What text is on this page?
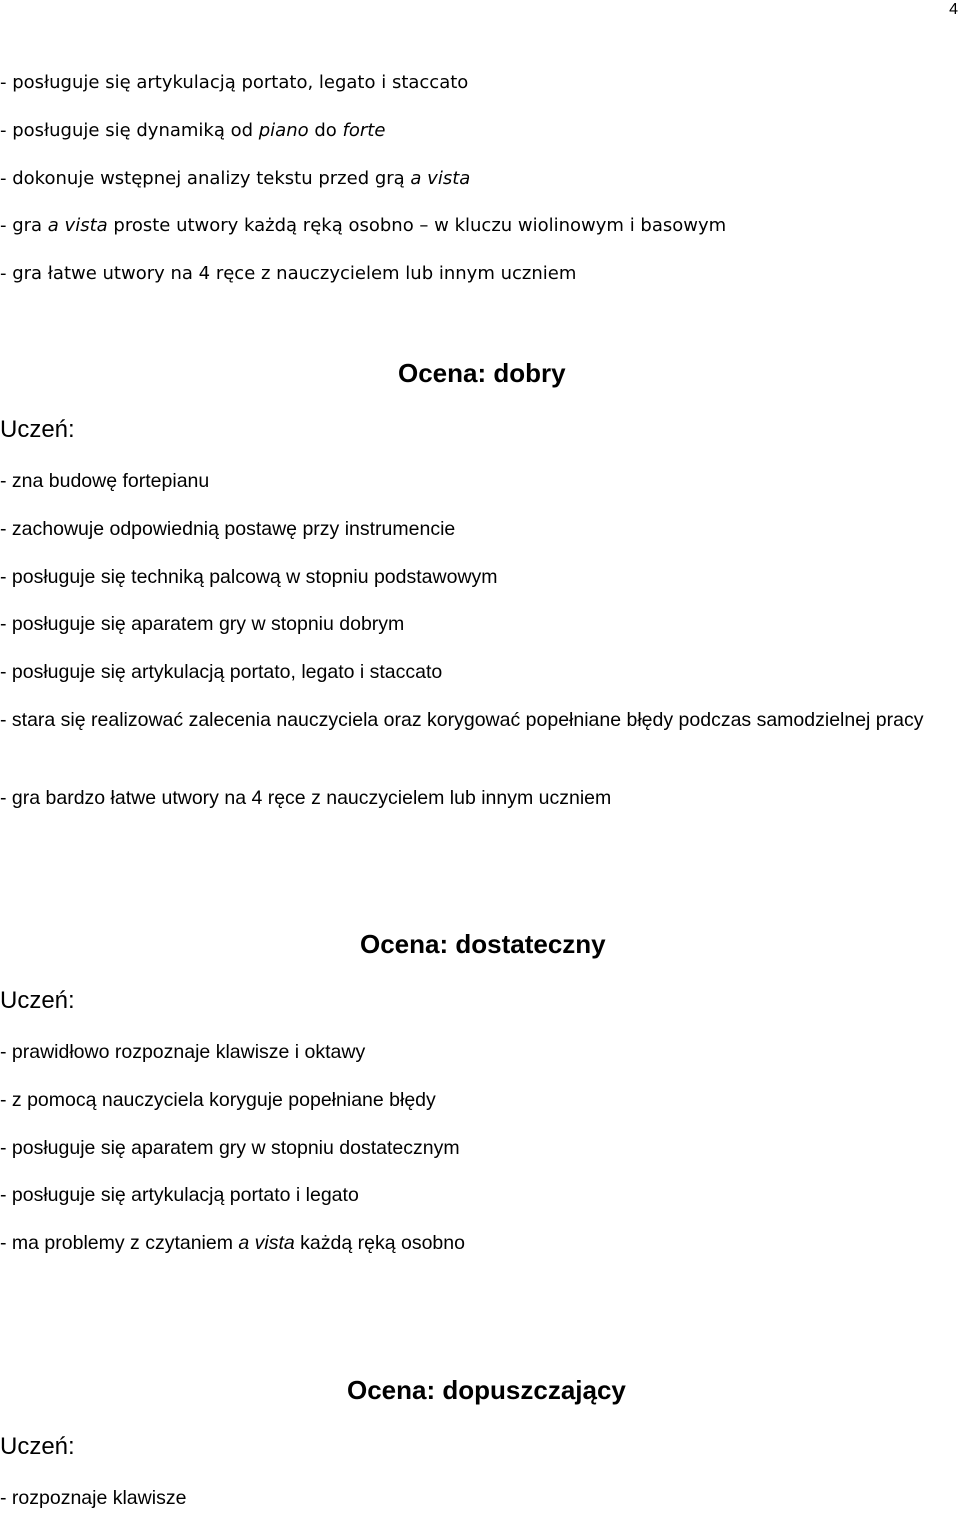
4
- posługuje się artykulacją portato, legato i staccato
- posługuje się dynamiką od piano do forte
- dokonuje wstępnej analizy tekstu przed grą a vista
- gra a vista proste utwory każdą ręką osobno – w kluczu wiolinowym i basowym
- gra łatwe utwory na 4 ręce z nauczycielem lub innym uczniem
Ocena: dobry
Uczeń:
- zna budowę fortepianu
- zachowuje odpowiednią postawę przy instrumencie
- posługuje się techniką palcową w stopniu podstawowym
- posługuje się aparatem gry w stopniu dobrym
- posługuje się artykulacją portato, legato i staccato
- stara się realizować zalecenia nauczyciela oraz korygować popełniane błędy podczas samodzielnej pracy
- gra bardzo łatwe utwory na 4 ręce z nauczycielem lub innym uczniem
Ocena: dostateczny
Uczeń:
- prawidłowo rozpoznaje klawisze i oktawy
- z pomocą nauczyciela koryguje popełniane błędy
- posługuje się aparatem gry w stopniu dostatecznym
- posługuje się artykulacją portato i legato
- ma problemy z czytaniem a vista każdą ręką osobno
Ocena: dopuszczający
Uczeń:
- rozpoznaje klawisze
